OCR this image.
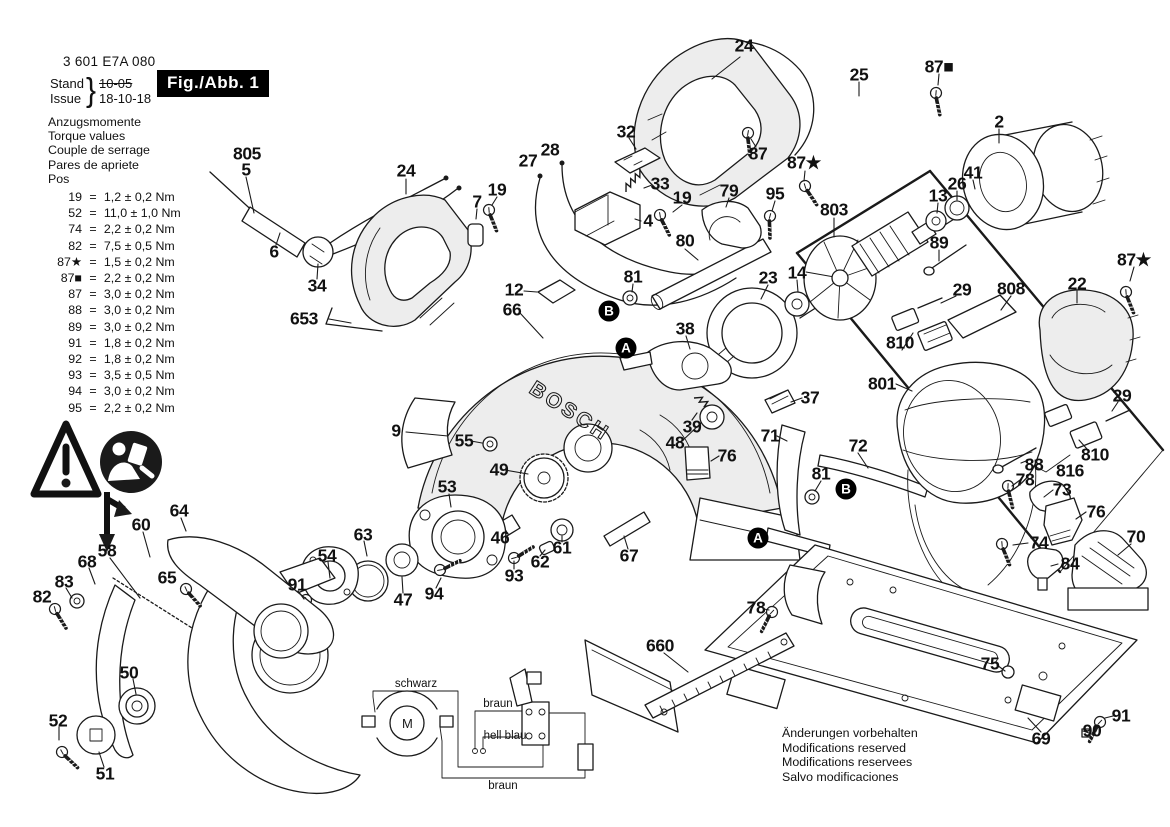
BOSCH
M
3 601 E7A 080
Stand
Issue } 10-05
18-10-18
Fig./Abb. 1
Anzugsmomente
Torque values
Couple de serrage
Pares de apriete
Pos
19 = 1,2 ± 0,2 Nm
52 = 11,0 ± 1,0 Nm
74 = 2,2 ± 0,2 Nm
82 = 7,5 ± 0,5 Nm
87★ = 1,5 ± 0,2 Nm
87■ = 2,2 ± 0,2 Nm
87 = 3,0 ± 0,2 Nm
88 = 3,0 ± 0,2 Nm
89 = 3,0 ± 0,2 Nm
91 = 1,8 ± 0,2 Nm
92 = 1,8 ± 0,2 Nm
93 = 3,5 ± 0,5 Nm
94 = 3,0 ± 0,2 Nm
95 = 2,2 ± 0,2 Nm
805
5
6
34
24
7
19
653
27
28
32
33
19
4
79 95
87
24
25
87★
803
87■
2
41
26
13
89
29 808 22
87★
12
66
80
81	23 14
38
9	55
49
39
48
37
76
71	72
81
53
63
54
91
47 94
46
93
62
61	67
64
60
58
68
83
82
65
50
52
51
810
801
29
810
816
88
78 73
76
74
84
70
75
660
78
69 90
91
B
A
A
B
schwarz
braun
hell blau
braun
Änderungen vorbehalten
Modifications reserved
Modifications reservees
Salvo modificaciones
